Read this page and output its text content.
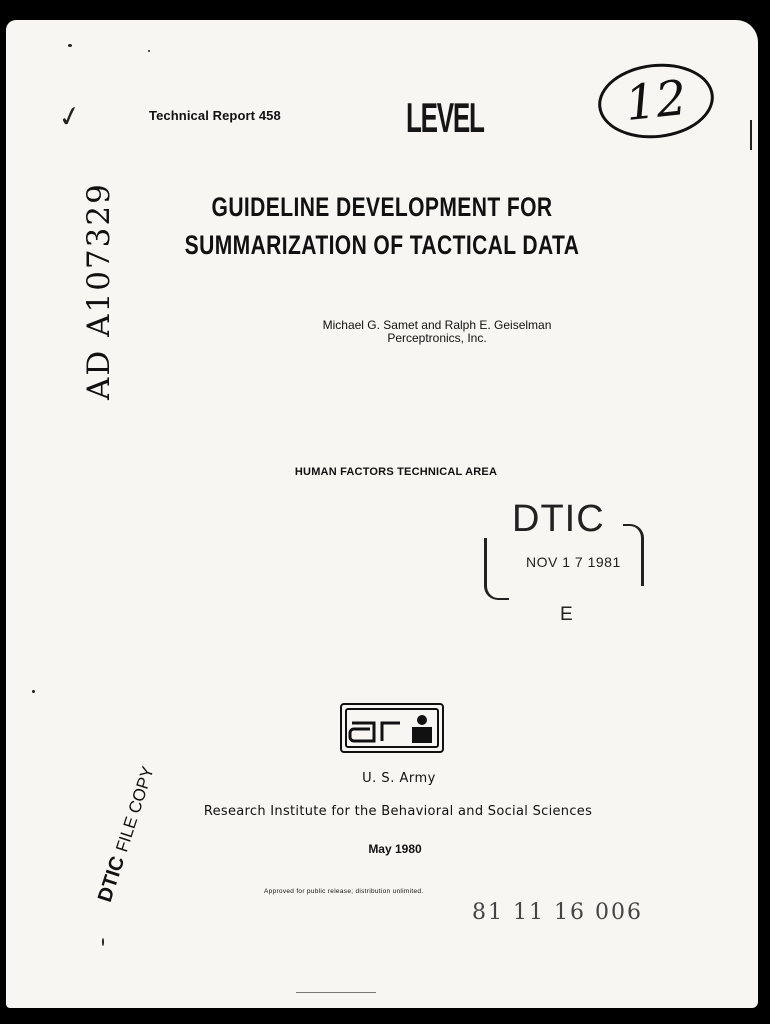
✓	Technical Report 458	LEVEL	12
AD A107329	GUIDELINE DEVELOPMENT FOR
SUMMARIZATION OF TACTICAL DATA
Michael G. Samet and Ralph E. Geiselman
Perceptronics, Inc.
HUMAN FACTORS TECHNICAL AREA
DTIC
NOV 1 7 1981
E
U. S. Army
Research Institute for the Behavioral and Social Sciences
May 1980
Approved for public release; distribution unlimited.
81 11 16 006
DTICFILE COPY
